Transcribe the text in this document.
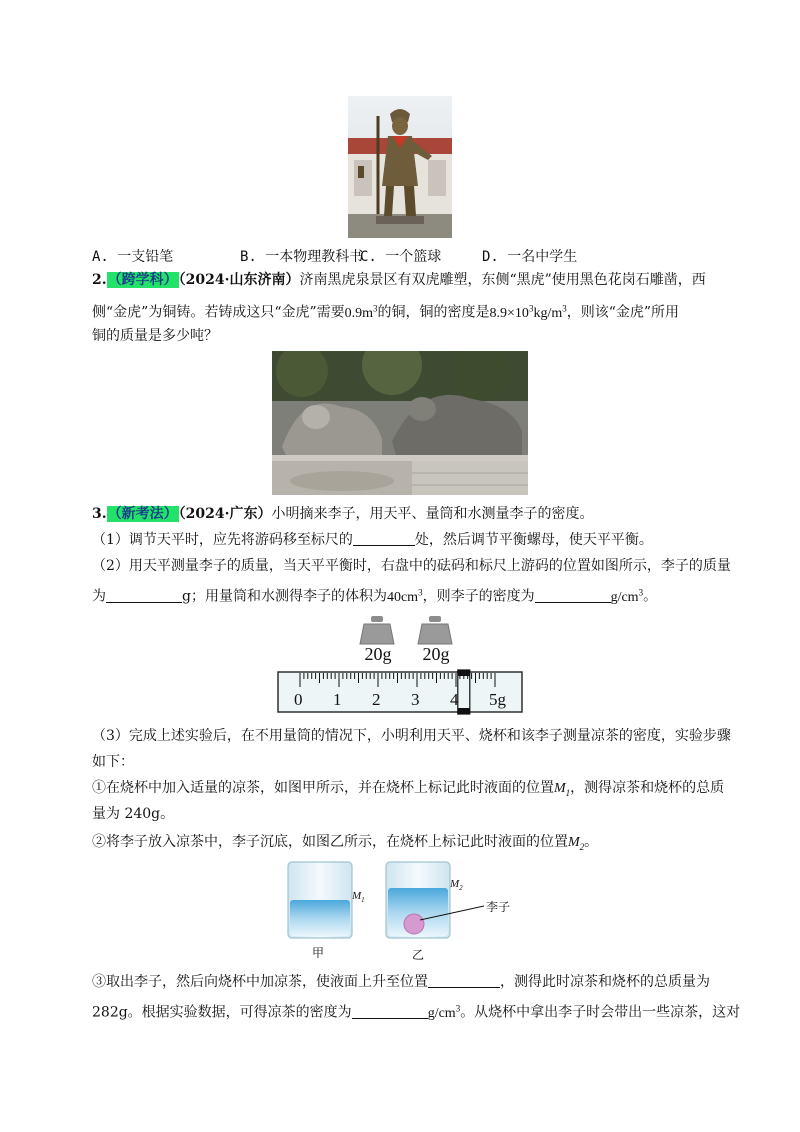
A. 一支铅笔	B. 一本物理教科书
C. 一个篮球	D. 一名中学生
2.（跨学科）（2024·山东济南）济南黑虎泉景区有双虎雕塑，东侧“黑虎”使用黑色花岗石雕凿，西
侧“金虎”为铜铸。若铸成这只“金虎”需要$0.9m^3$的铜，铜的密度是$8.9\times 10^3kg/m^3$，则该“金虎”所用
铜的质量是多少吨？
3.（新考法）（2024·广东）小明摘来李子，用天平、量筒和水测量李子的密度。
（1）调节天平时，应先将游码移至标尺的	处，然后调节平衡螺母，使天平平衡。
（2）用天平测量李子的质量，当天平平衡时，右盘中的砝码和标尺上游码的位置如图所示，李子的质量
为	g；用量筒和水测得李子的体积为$40cm^3$，则李子的密度为	$g/cm^3$。
20g 20g
0 1 2 3 4 5g
（3）完成上述实验后，在不用量筒的情况下，小明利用天平、烧杯和该李子测量凉茶的密度，实验步骤
如下：
①在烧杯中加入适量的凉茶，如图甲所示，并在烧杯上标记此时液面的位置$M_1$，测得凉茶和烧杯的总质
量为 240g。
②将李子放入凉茶中，李子沉底，如图乙所示，在烧杯上标记此时液面的位置$M_2$。
$M_1$
$M_2$
李子
甲	乙
③取出李子，然后向烧杯中加凉茶，使液面上升至位置	，测得此时凉茶和烧杯的总质量为
282g。根据实验数据，可得凉茶的密度为	$g/cm^3$。从烧杯中拿出李子时会带出一些凉茶，这对
